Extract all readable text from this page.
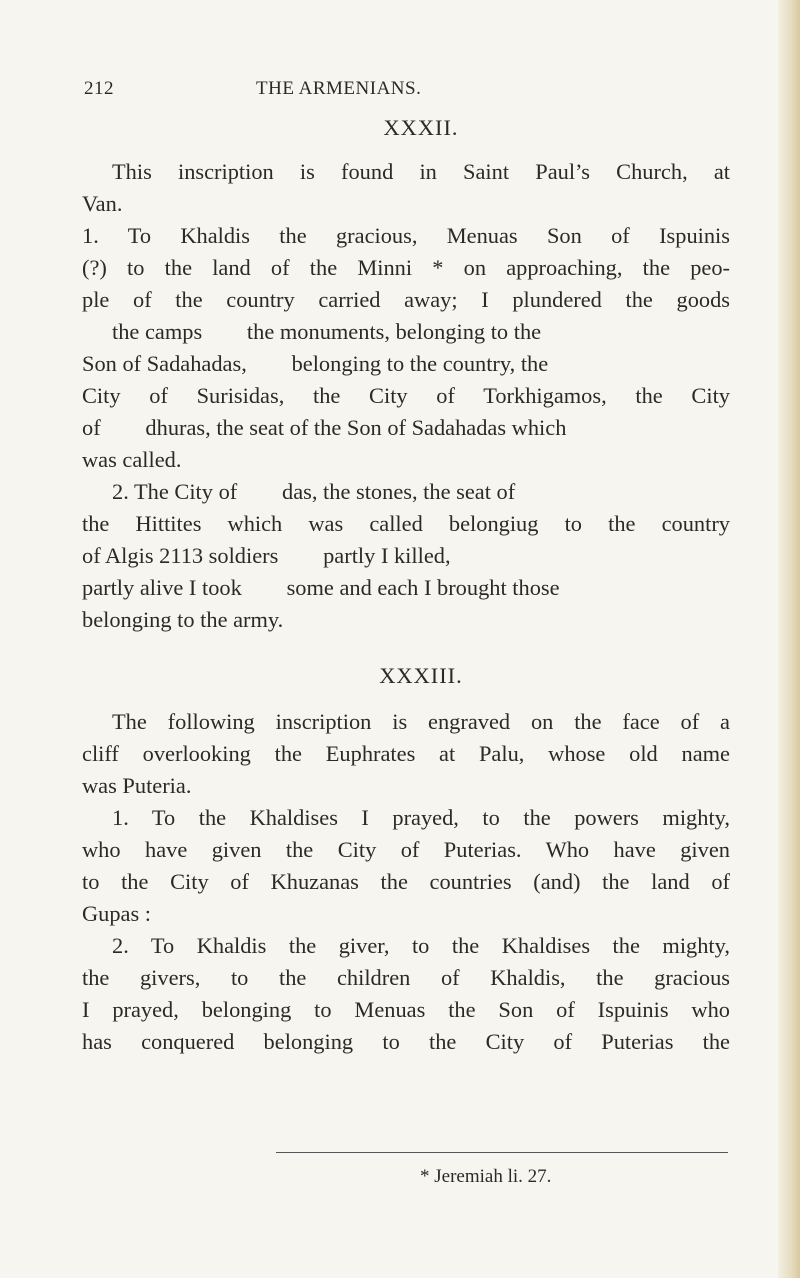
212	THE ARMENIANS.
XXXII.
This inscription is found in Saint Paul’s Church, at
Van.
1. To Khaldis the gracious, Menuas Son of Ispuinis
(?) to the land of the Minni * on approaching, the peo-
ple of the country carried away; I plundered the goods
the camps        the monuments, belonging to the
Son of Sadahadas,        belonging to the country, the
City of Surisidas, the City of Torkhigamos, the City
of        dhuras, the seat of the Son of Sadahadas which
was called.
2. The City of        das, the stones, the seat of
the Hittites which was called belongiug to the country
of Algis 2113 soldiers        partly I killed,
partly alive I took        some and each I brought those
belonging to the army.
XXXIII.
The following inscription is engraved on the face of a
cliff overlooking the Euphrates at Palu, whose old name
was Puteria.
1. To the Khaldises I prayed, to the powers mighty,
who have given the City of Puterias. Who have given
to the City of Khuzanas the countries (and) the land of
Gupas :
2. To Khaldis the giver, to the Khaldises the mighty,
the givers, to the children of Khaldis, the gracious
I prayed, belonging to Menuas the Son of Ispuinis who
has conquered belonging to the City of Puterias the
* Jeremiah li. 27.
